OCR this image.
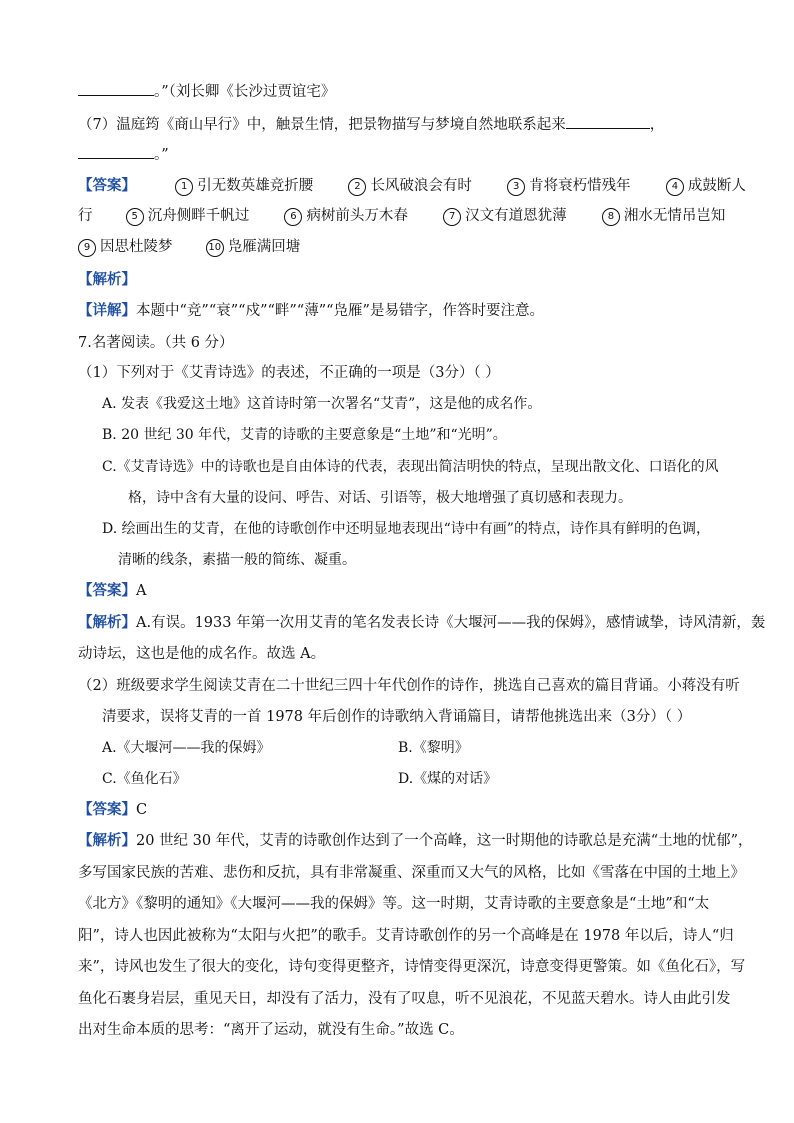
。”（刘长卿《长沙过贾谊宅》
（7）温庭筠《商山早行》中，触景生情，把景物描写与梦境自然地联系起来	，
。”
【答案】	1 引无数英雄竞折腰	2 长风破浪会有时	3 肯将衰朽惜残年	4 成鼓断人
行	5 沉舟侧畔千帆过	6 病树前头万木春	7 汉文有道恩犹薄	8 湘水无情吊岂知
9 因思杜陵梦	10 凫雁满回塘
【解析】
【详解】本题中“竞”“衰”“戍”“畔”“薄”“凫雁”是易错字，作答时要注意。
7.名著阅读。（共 6 分）
（1）下列对于《艾青诗选》的表述，不正确的一项是（3分）（ ）
A. 发表《我爱这土地》这首诗时第一次署名“艾青”，这是他的成名作。
B. 20 世纪 30 年代，艾青的诗歌的主要意象是“土地”和“光明”。
C.《艾青诗选》中的诗歌也是自由体诗的代表，表现出简洁明快的特点，呈现出散文化、口语化的风
格，诗中含有大量的设问、呼告、对话、引语等，极大地增强了真切感和表现力。
D. 绘画出生的艾青，在他的诗歌创作中还明显地表现出“诗中有画”的特点，诗作具有鲜明的色调，
清晰的线条，素描一般的简练、凝重。
【答案】A
【解析】A.有误。1933 年第一次用艾青的笔名发表长诗《大堰河——我的保姆》，感情诚挚，诗风清新，轰
动诗坛，这也是他的成名作。故选 A。
（2）班级要求学生阅读艾青在二十世纪三四十年代创作的诗作，挑选自己喜欢的篇目背诵。小蒋没有听
清要求，误将艾青的一首 1978 年后创作的诗歌纳入背诵篇目，请帮他挑选出来（3分）（ ）
A.《大堰河——我的保姆》	B.《黎明》
C.《鱼化石》	D.《煤的对话》
【答案】C
【解析】20 世纪 30 年代，艾青的诗歌创作达到了一个高峰，这一时期他的诗歌总是充满“土地的忧郁”，
多写国家民族的苦难、悲伤和反抗，具有非常凝重、深重而又大气的风格，比如《雪落在中国的土地上》
《北方》《黎明的通知》《大堰河——我的保姆》等。这一时期，艾青诗歌的主要意象是“土地”和“太
阳”，诗人也因此被称为“太阳与火把”的歌手。艾青诗歌创作的另一个高峰是在 1978 年以后，诗人“归
来”，诗风也发生了很大的变化，诗句变得更整齐，诗情变得更深沉，诗意变得更警策。如《鱼化石》，写
鱼化石裹身岩层，重见天日，却没有了活力，没有了叹息，听不见浪花，不见蓝天碧水。诗人由此引发
出对生命本质的思考：“离开了运动，就没有生命。”故选 C。
